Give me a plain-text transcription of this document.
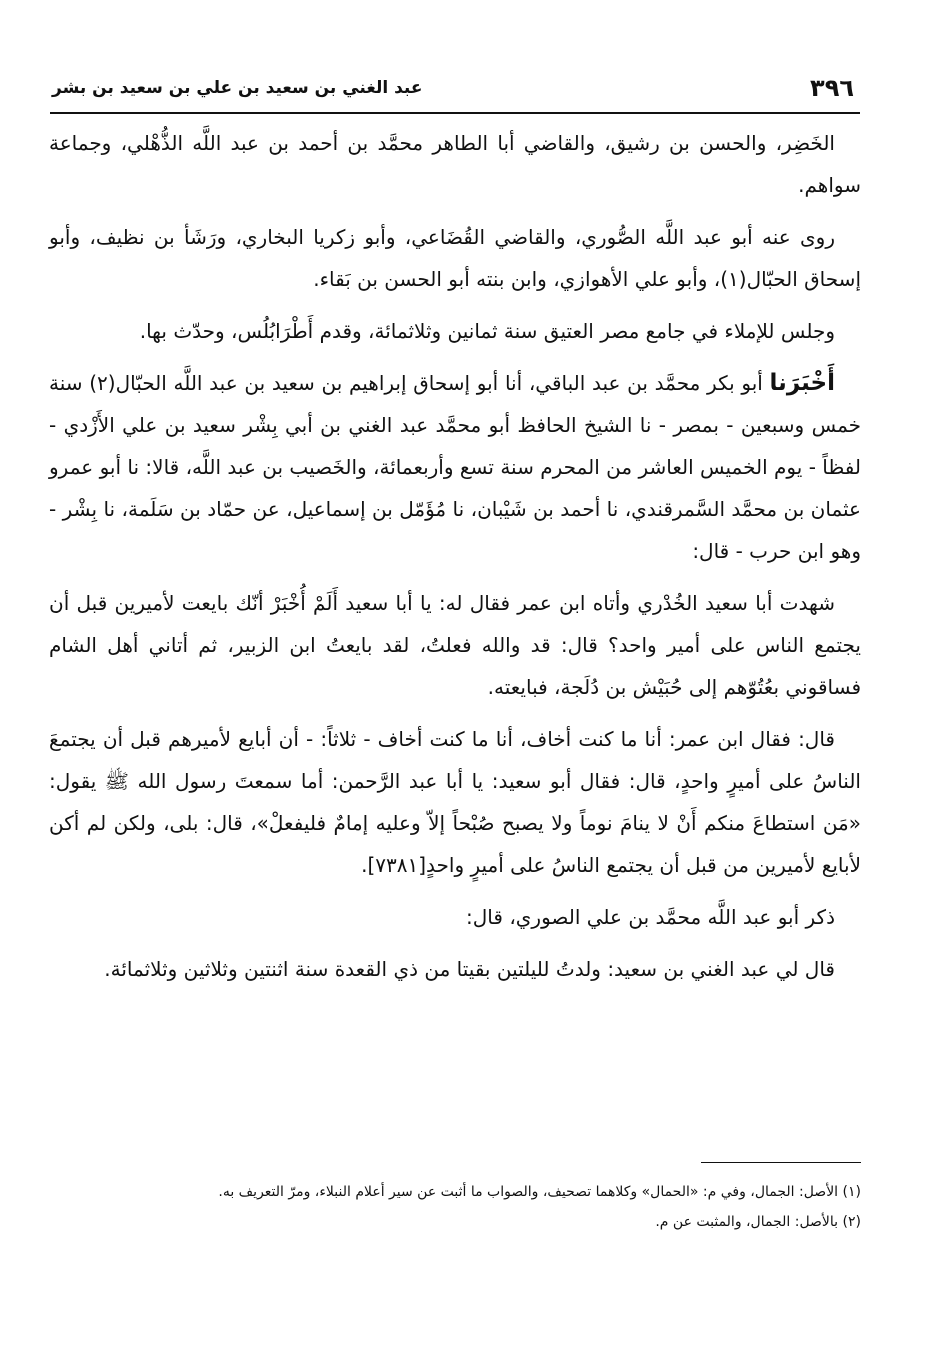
٣٩٦
عبد الغني بن سعيد بن علي بن سعيد بن بشر

الخَضِر، والحسن بن رشيق، والقاضي أبا الطاهر محمَّد بن أحمد بن عبد اللَّه الذُّهْلي، وجماعة سواهم.

روى عنه أبو عبد اللَّه الصُّوري، والقاضي القُضَاعي، وأبو زكريا البخاري، ورَشَأ بن نظيف، وأبو إسحاق الحبّال(١)، وأبو علي الأهوازي، وابن بنته أبو الحسن بن بَقاء.

وجلس للإملاء في جامع مصر العتيق سنة ثمانين وثلاثمائة، وقدم أَطْرَابُلُس، وحدّث بها.

أَخْبَرَنا أبو بكر محمَّد بن عبد الباقي، أنا أبو إسحاق إبراهيم بن سعيد بن عبد اللَّه الحبّال(٢) سنة خمس وسبعين - بمصر - نا الشيخ الحافظ أبو محمَّد عبد الغني بن أبي بِشْر سعيد بن علي الأَزْدي - لفظاً - يوم الخميس العاشر من المحرم سنة تسع وأربعمائة، والخَصيب بن عبد اللَّه، قالا: نا أبو عمرو عثمان بن محمَّد السَّمرقندي، نا أحمد بن شَيْبان، نا مُؤَمّل بن إسماعيل، عن حمّاد بن سَلَمة، نا بِشْر - وهو ابن حرب - قال:

شهدت أبا سعيد الخُدْري وأتاه ابن عمر فقال له: يا أبا سعيد أَلَمْ أُخْبَرْ أنّك بايعت لأميرين قبل أن يجتمع الناس على أمير واحد؟ قال: قد والله فعلتُ، لقد بايعتُ ابن الزبير، ثم أتاني أهل الشام فساقوني بعُتُوّهم إلى حُبَيْش بن دُلَجة، فبايعته.

قال: فقال ابن عمر: أنا ما كنت أخاف، أنا ما كنت أخاف - ثلاثاً: - أن أبايع لأميرهم قبل أن يجتمعَ الناسُ على أميرٍ واحدٍ، قال: فقال أبو سعيد: يا أبا عبد الرَّحمن: أما سمعتَ رسول الله ﷺ يقول: «مَن استطاعَ منكم أَنْ لا ينامَ نوماً ولا يصبح صُبْحاً إلاّ وعليه إمامٌ فليفعلْ»، قال: بلى، ولكن لم أكن لأبايع لأميرين من قبل أن يجتمع الناسُ على أميرٍ واحدٍ[٧٣٨١].

ذكر أبو عبد اللَّه محمَّد بن علي الصوري، قال:

قال لي عبد الغني بن سعيد: ولدتُ لليلتين بقيتا من ذي القعدة سنة اثنتين وثلاثين وثلاثمائة.

(١) الأصل: الجمال، وفي م: «الحمال» وكلاهما تصحيف، والصواب ما أثبت عن سير أعلام النبلاء، ومرّ التعريف به.

(٢) بالأصل: الجمال، والمثبت عن م.
